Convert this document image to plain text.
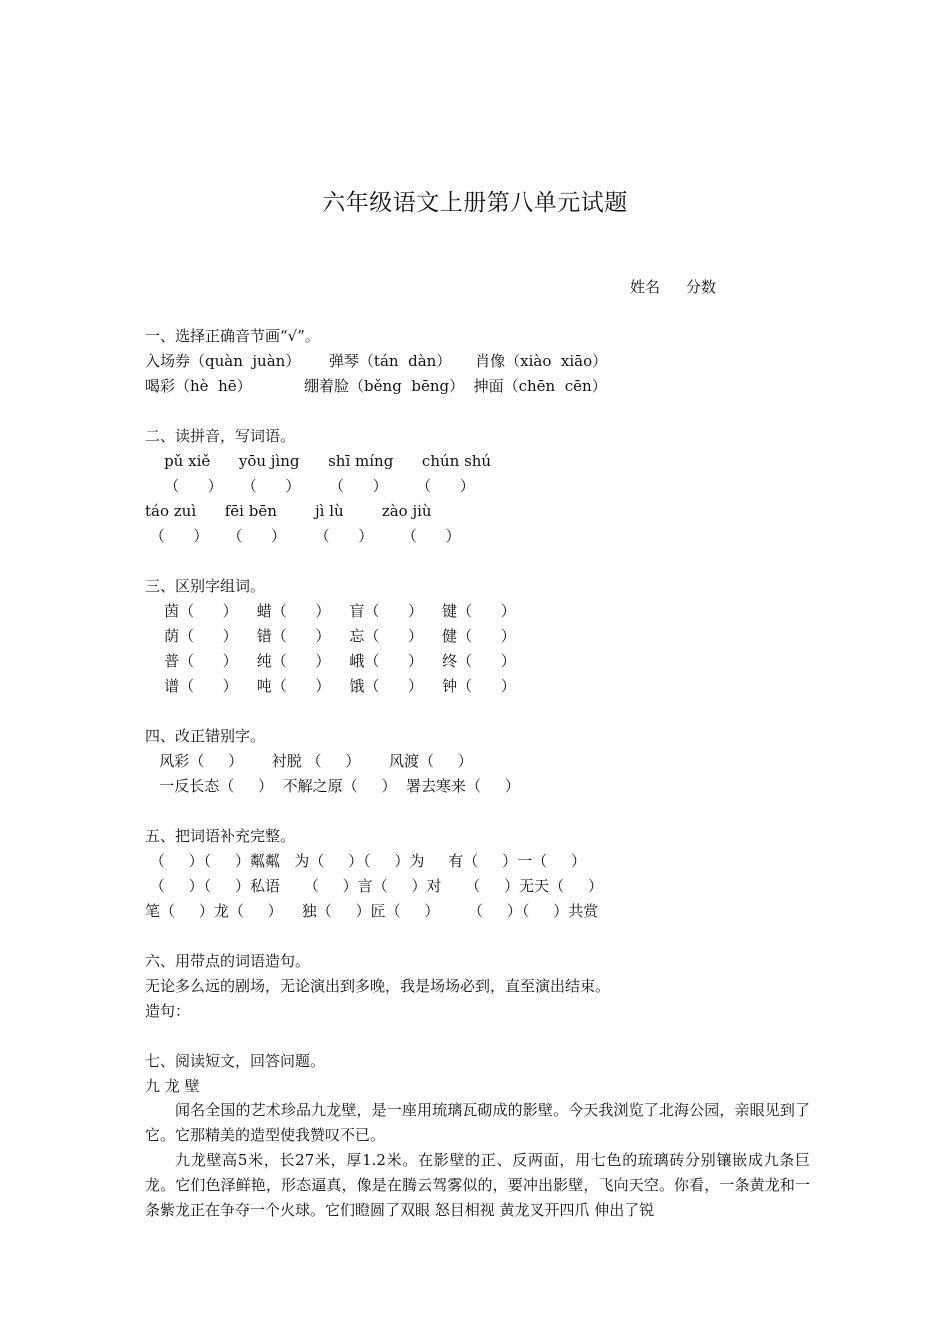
六年级语文上册第八单元试题
姓名 分数
一、选择正确音节画“√”。
入场券（quàn  juàn）      弹琴（tán  dàn）     肖像（xiào  xiāo）
喝彩（hè  hē）           绷着脸（běng  bēng）  抻面（chēn  cēn）
二、读拼音，写词语。
pǔ xiě      yōu jìng      shī míng      chún shú
（      ）    （      ）      （      ）      （      ）
táo zuì      fēi bēn        jì lù        zào jiù
（      ）    （      ）      （      ）      （      ）
三、区别字组词。
茵（      ）    蜡（      ）    盲（      ）    键（      ）
荫（      ）    错（      ）    忘（      ）    健（      ）
普（      ）    纯（      ）    峨（      ）    终（      ）
谱（      ）    吨（      ）    饿（      ）    钟（      ）
四、改正错别字。
风彩（     ）      衬脱 （     ）      风渡（     ）
一反长态（     ）  不解之原（     ）  署去寒来（     ）
五、把词语补充完整。
（     ）（     ）粼粼   为（     ）（     ）为     有（     ）一（     ）
（     ）（     ）私语     （     ）言（     ）对     （     ）无天（     ）
笔（     ）龙（     ）    独（     ）匠（     ）      （     ）（     ）共赏
六、用带点的词语造句。
无论多么远的剧场，无论演出到多晚，我是场场必到，直至演出结束。
造句：
七、阅读短文，回答问题。
九 龙 壁
闻名全国的艺术珍品九龙壁，是一座用琉璃瓦砌成的影壁。今天我浏览了北海公园，亲眼见到了它。它那精美的造型使我赞叹不已。
九龙壁高5米，长27米，厚1.2米。在影壁的正、反两面，用七色的琉璃砖分别镶嵌成九条巨龙。它们色泽鲜艳，形态逼真，像是在腾云驾雾似的，要冲出影壁，飞向天空。你看，一条黄龙和一条紫龙正在争夺一个火球。它们瞪圆了双眼 怒目相视 黄龙叉开四爪 伸出了锐
